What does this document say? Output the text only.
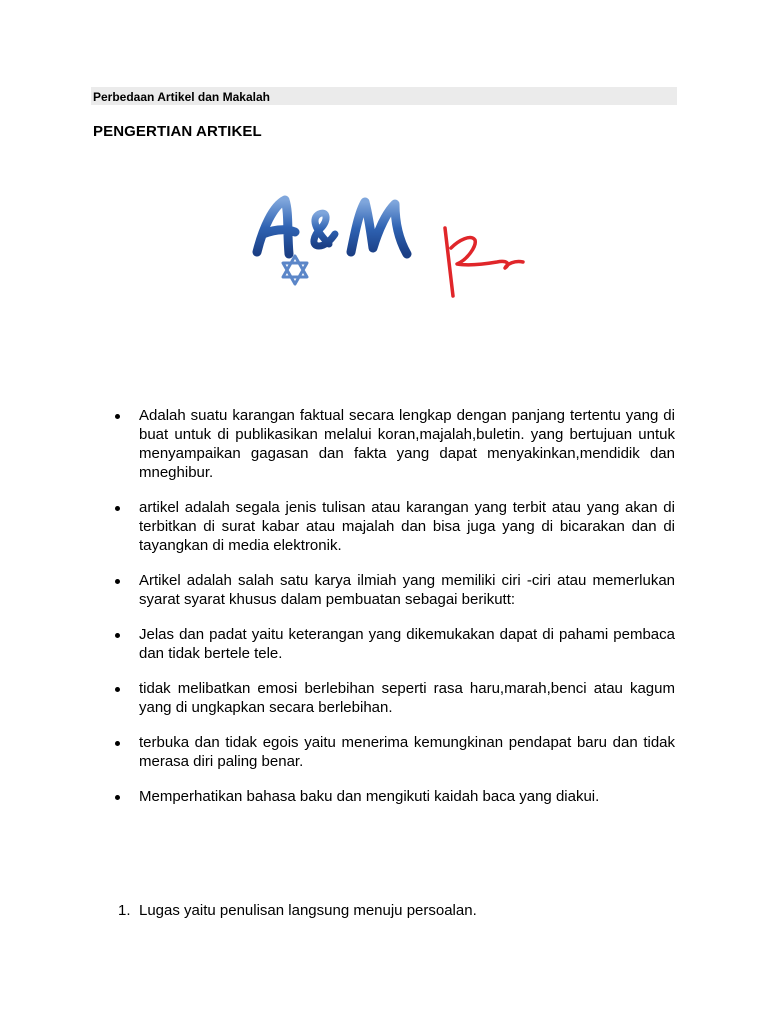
Perbedaan Artikel dan Makalah
PENGERTIAN ARTIKEL
Adalah suatu karangan faktual secara lengkap dengan panjang tertentu yang di buat untuk di publikasikan melalui koran,majalah,buletin. yang bertujuan untuk menyampaikan gagasan dan fakta yang dapat menyakinkan,mendidik dan mneghibur.
artikel adalah segala jenis tulisan atau karangan yang terbit atau yang akan di terbitkan di surat kabar atau majalah dan bisa juga yang di bicarakan dan di tayangkan di media elektronik.
Artikel adalah salah satu karya ilmiah yang memiliki ciri -ciri atau memerlukan syarat syarat khusus dalam pembuatan sebagai berikutt:
Jelas dan padat yaitu keterangan yang dikemukakan dapat di pahami pembaca dan tidak bertele tele.
tidak melibatkan emosi berlebihan seperti rasa haru,marah,benci atau kagum yang di ungkapkan secara berlebihan.
terbuka dan tidak egois yaitu menerima kemungkinan pendapat baru dan tidak merasa diri paling benar.
Memperhatikan bahasa baku dan mengikuti kaidah baca yang diakui.
1. Lugas yaitu penulisan langsung menuju persoalan.
